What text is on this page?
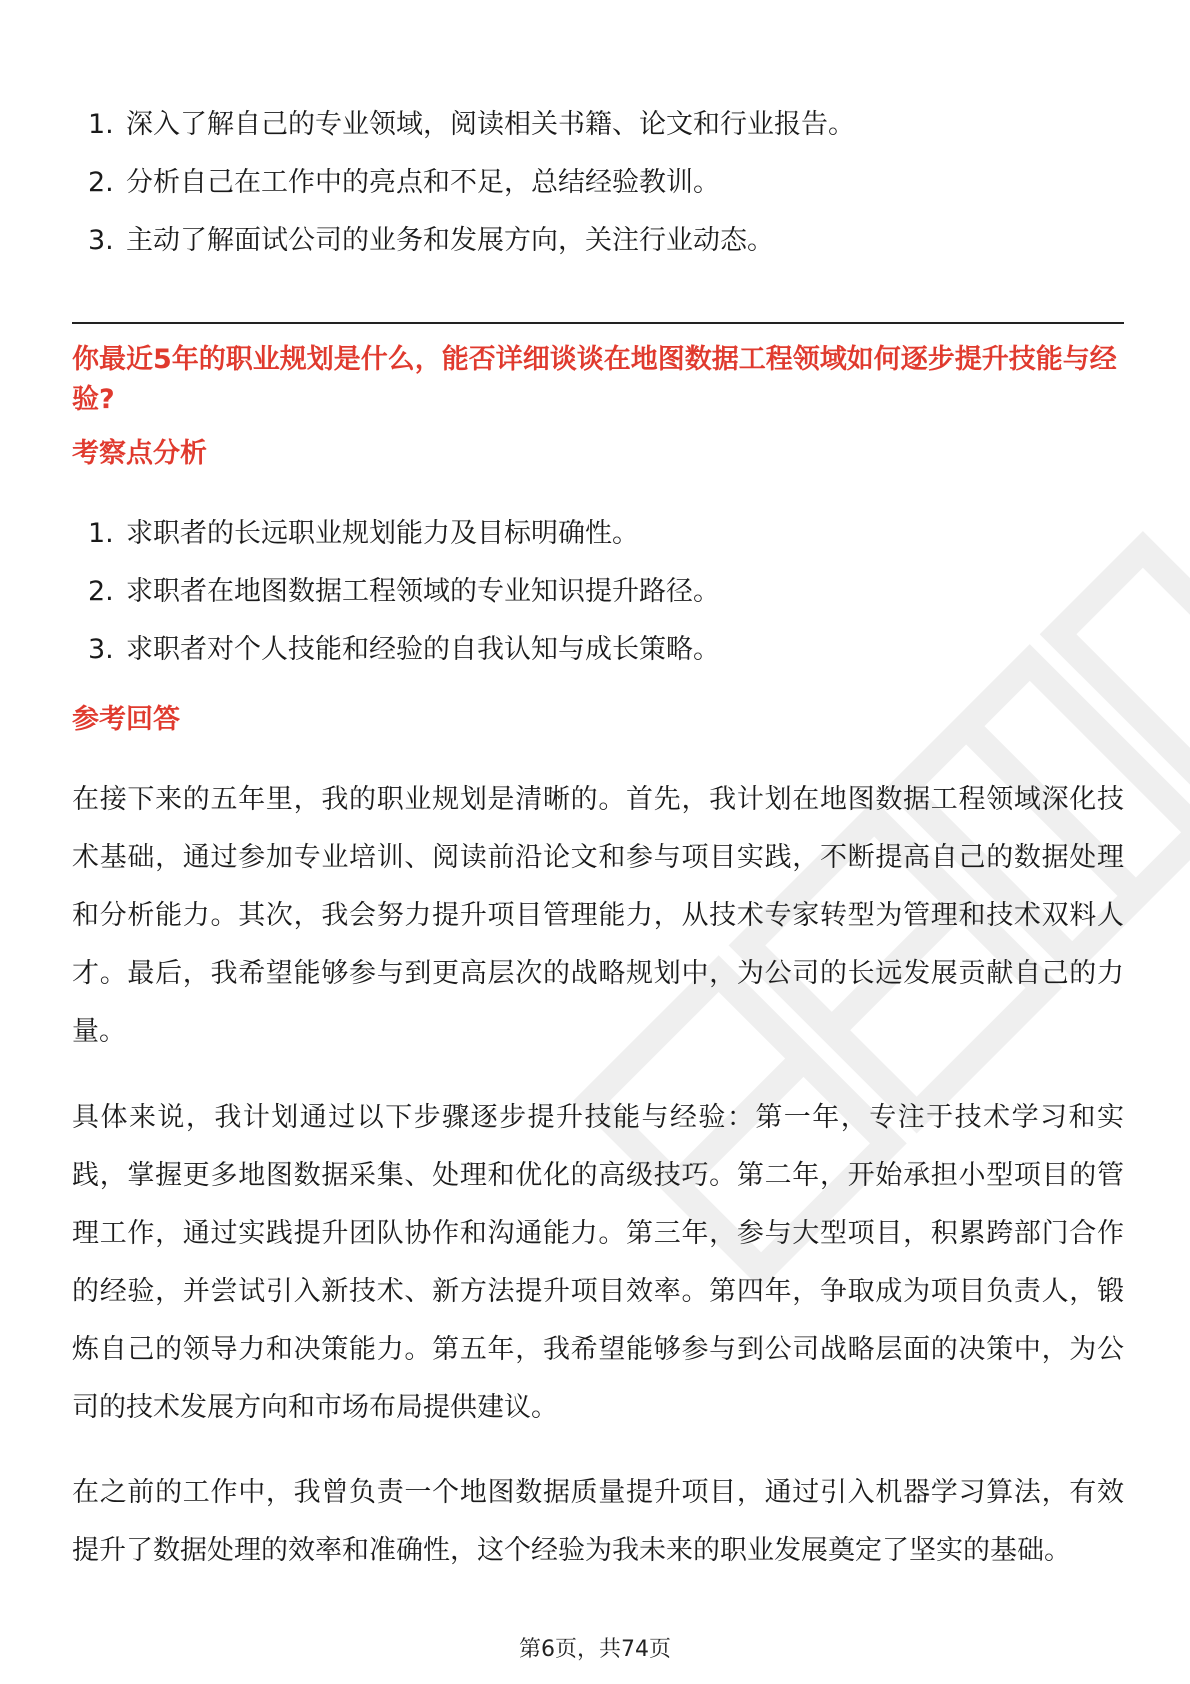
1. 深入了解自己的专业领域，阅读相关书籍、论文和行业报告。
2. 分析自己在工作中的亮点和不足，总结经验教训。
3. 主动了解面试公司的业务和发展方向，关注行业动态。
你最近5年的职业规划是什么，能否详细谈谈在地图数据工程领域如何逐步提升技能与经验?
考察点分析
1. 求职者的长远职业规划能力及目标明确性。
2. 求职者在地图数据工程领域的专业知识提升路径。
3. 求职者对个人技能和经验的自我认知与成长策略。
参考回答

在接下来的五年里，我的职业规划是清晰的。首先，我计划在地图数据工程领域深化技术基础，通过参加专业培训、阅读前沿论文和参与项目实践，不断提高自己的数据处理和分析能力。其次，我会努力提升项目管理能力，从技术专家转型为管理和技术双料人才。最后，我希望能够参与到更高层次的战略规划中，为公司的长远发展贡献自己的力量。

具体来说，我计划通过以下步骤逐步提升技能与经验：第一年，专注于技术学习和实践，掌握更多地图数据采集、处理和优化的高级技巧。第二年，开始承担小型项目的管理工作，通过实践提升团队协作和沟通能力。第三年，参与大型项目，积累跨部门合作的经验，并尝试引入新技术、新方法提升项目效率。第四年，争取成为项目负责人，锻炼自己的领导力和决策能力。第五年，我希望能够参与到公司战略层面的决策中，为公司的技术发展方向和市场布局提供建议。

在之前的工作中，我曾负责一个地图数据质量提升项目，通过引入机器学习算法，有效提升了数据处理的效率和准确性，这个经验为我未来的职业发展奠定了坚实的基础。

第6页，共74页
